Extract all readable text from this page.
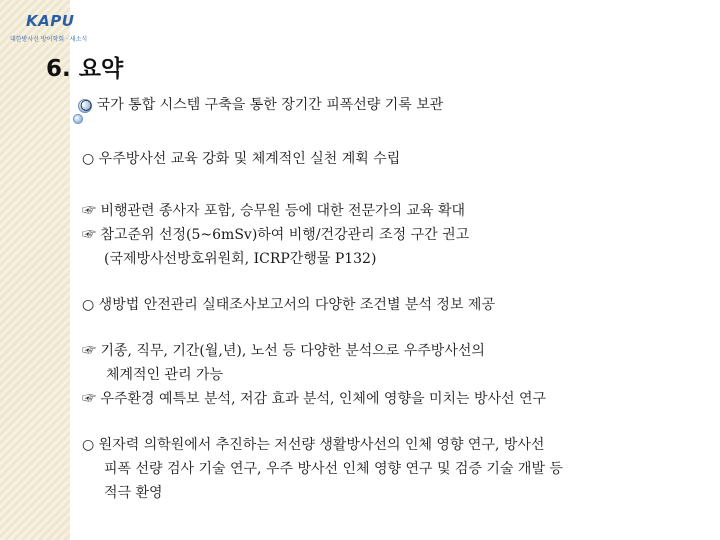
KAPU
대한방사선 방어학회 · 새소식
6. 요약
○ 국가 통합 시스템 구축을 통한 장기간 피폭선량 기록 보관
○ 우주방사선 교육 강화 및 체계적인 실천 계획 수립
☞ 비행관련 종사자 포함, 승무원 등에 대한 전문가의 교육 확대
☞ 참고준위 선정(5~6mSv)하여 비행/건강관리 조정 구간 권고
(국제방사선방호위원회, ICRP간행물 P132)
○ 생방법 안전관리 실태조사보고서의 다양한 조건별 분석 정보 제공
☞ 기종, 직무, 기간(월,년), 노선 등 다양한 분석으로 우주방사선의
체계적인 관리 가능
☞ 우주환경 예특보 분석, 저감 효과 분석, 인체에 영향을 미치는 방사선 연구
○ 원자력 의학원에서 추진하는 저선량 생활방사선의 인체 영향 연구, 방사선
피폭 선량 검사 기술 연구, 우주 방사선 인체 영향 연구 및 검증 기술 개발 등
적극 환영
